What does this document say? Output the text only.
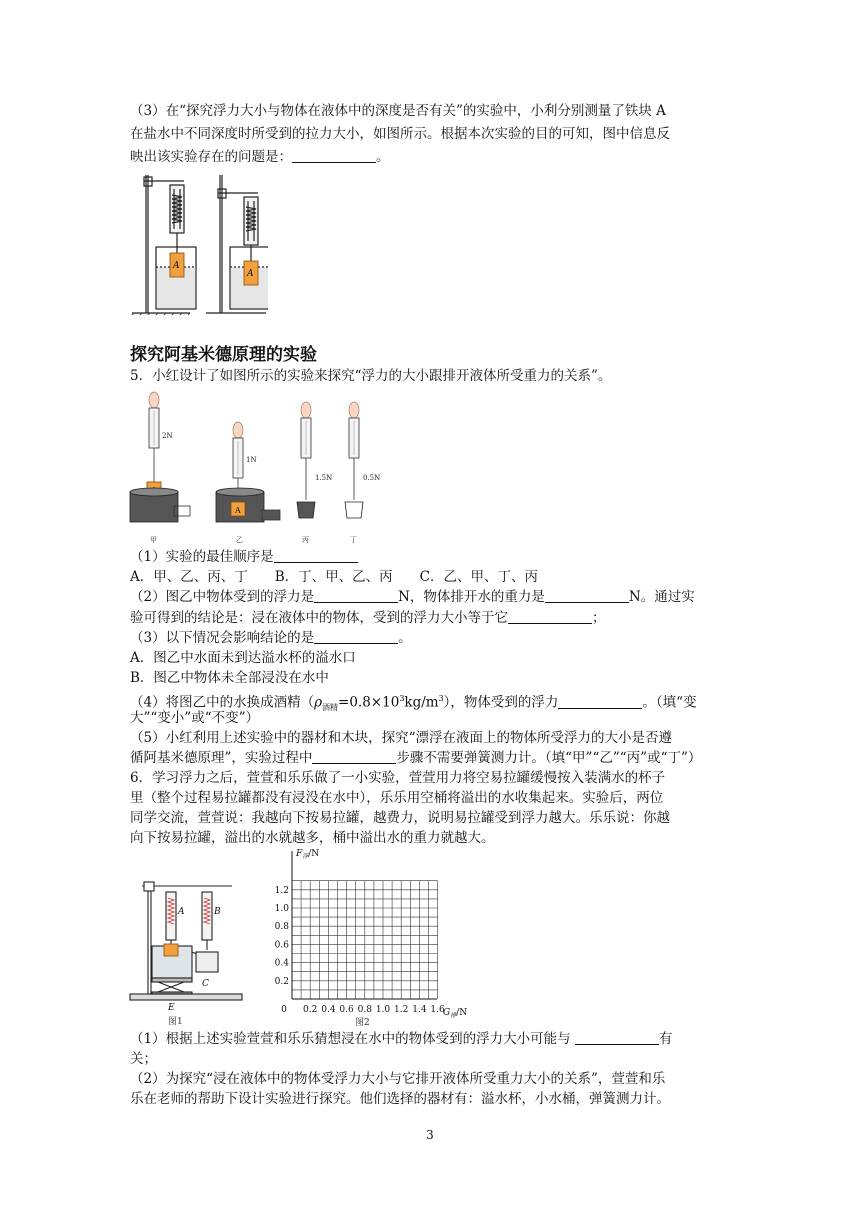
（3）在“探究浮力大小与物体在液体中的深度是否有关”的实验中，小利分别测量了铁块 A
在盐水中不同深度时所受到的拉力大小，如图所示。根据本次实验的目的可知，图中信息反
映出该实验存在的问题是：	。
A
A
探究阿基米德原理的实验
5．小红设计了如图所示的实验来探究“浮力的大小跟排开液体所受重力的关系”。
2N
甲
1N
A
乙
1.5N
丙
0.5N
丁
（1）实验的最佳顺序是
A．甲、乙、丙、丁　　B．丁、甲、乙、丙　　C．乙、甲、丁、丙
（2）图乙中物体受到的浮力是	N，物体排开水的重力是	N。通过实
验可得到的结论是：浸在液体中的物体，受到的浮力大小等于它	；
（3）以下情况会影响结论的是	。
A．图乙中水面未到达溢水杯的溢水口
B．图乙中物体未全部浸没在水中
（4）将图乙中的水换成酒精$(\rho_{酒精}=0.8\times 10^3kg/m^3)$，物体受到的浮力	。（填“变
大”“变小”或“不变”）
（5）小红利用上述实验中的器材和木块，探究“漂浮在液面上的物体所受浮力的大小是否遵
循阿基米德原理”，实验过程中	步骤不需要弹簧测力计。（填“甲”“乙”“丙”或“丁”）
6．学习浮力之后，萱萱和乐乐做了一小实验，萱萱用力将空易拉罐缓慢按入装满水的杯子
里（整个过程易拉罐都没有浸没在水中），乐乐用空桶将溢出的水收集起来。实验后，两位
同学交流，萱萱说：我越向下按易拉罐，越费力，说明易拉罐受到浮力越大。乐乐说：你越
向下按易拉罐，溢出的水就越多，桶中溢出水的重力就越大。
A	B
C
E
图1
$F_浮/N$
$G_排/N$
1.2
1.0
0.8
0.6
0.4
0.2
0 0.2 0.4 0.6 0.8 1.0 1.2 1.4 1.6
图2
（1）根据上述实验萱萱和乐乐猜想浸在水中的物体受到的浮力大小可能与	有
关；
（2）为探究“浸在液体中的物体受浮力大小与它排开液体所受重力大小的关系”，萱萱和乐
乐在老师的帮助下设计实验进行探究。他们选择的器材有：溢水杯，小水桶，弹簧测力计。
3
